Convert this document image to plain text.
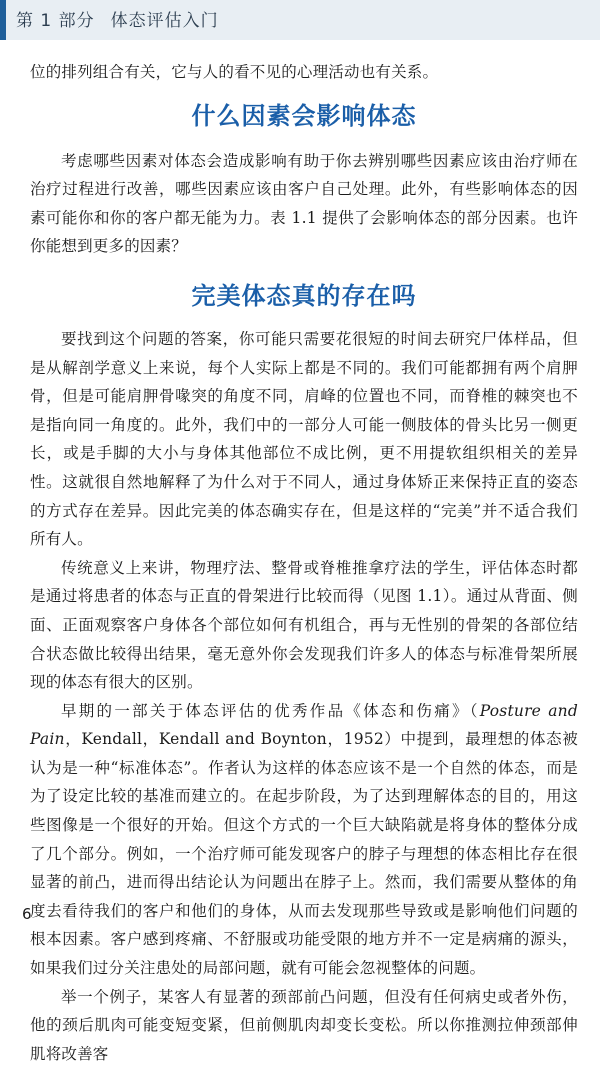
第 1 部分 体态评估入门

位的排列组合有关，它与人的看不见的心理活动也有关系。

什么因素会影响体态

考虑哪些因素对体态会造成影响有助于你去辨别哪些因素应该由治疗师在治疗过程进行改善，哪些因素应该由客户自己处理。此外，有些影响体态的因素可能你和你的客户都无能为力。表 1.1 提供了会影响体态的部分因素。也许你能想到更多的因素？

完美体态真的存在吗

要找到这个问题的答案，你可能只需要花很短的时间去研究尸体样品，但是从解剖学意义上来说，每个人实际上都是不同的。我们可能都拥有两个肩胛骨，但是可能肩胛骨喙突的角度不同，肩峰的位置也不同，而脊椎的棘突也不是指向同一角度的。此外，我们中的一部分人可能一侧肢体的骨头比另一侧更长，或是手脚的大小与身体其他部位不成比例，更不用提软组织相关的差异性。这就很自然地解释了为什么对于不同人，通过身体矫正来保持正直的姿态的方式存在差异。因此完美的体态确实存在，但是这样的“完美”并不适合我们所有人。

传统意义上来讲，物理疗法、整骨或脊椎推拿疗法的学生，评估体态时都是通过将患者的体态与正直的骨架进行比较而得（见图 1.1）。通过从背面、侧面、正面观察客户身体各个部位如何有机组合，再与无性别的骨架的各部位结合状态做比较得出结果，毫无意外你会发现我们许多人的体态与标准骨架所展现的体态有很大的区别。

早期的一部关于体态评估的优秀作品《体态和伤痛》（Posture and Pain，Kendall，Kendall and Boynton，1952）中提到，最理想的体态被认为是一种“标准体态”。作者认为这样的体态应该不是一个自然的体态，而是为了设定比较的基准而建立的。在起步阶段，为了达到理解体态的目的，用这些图像是一个很好的开始。但这个方式的一个巨大缺陷就是将身体的整体分成了几个部分。例如，一个治疗师可能发现客户的脖子与理想的体态相比存在很显著的前凸，进而得出结论认为问题出在脖子上。然而，我们需要从整体的角度去看待我们的客户和他们的身体，从而去发现那些导致或是影响他们问题的根本因素。客户感到疼痛、不舒服或功能受限的地方并不一定是病痛的源头，如果我们过分关注患处的局部问题，就有可能会忽视整体的问题。

举一个例子，某客人有显著的颈部前凸问题，但没有任何病史或者外伤，他的颈后肌肉可能变短变紧，但前侧肌肉却变长变松。所以你推测拉伸颈部伸肌将改善客

6
